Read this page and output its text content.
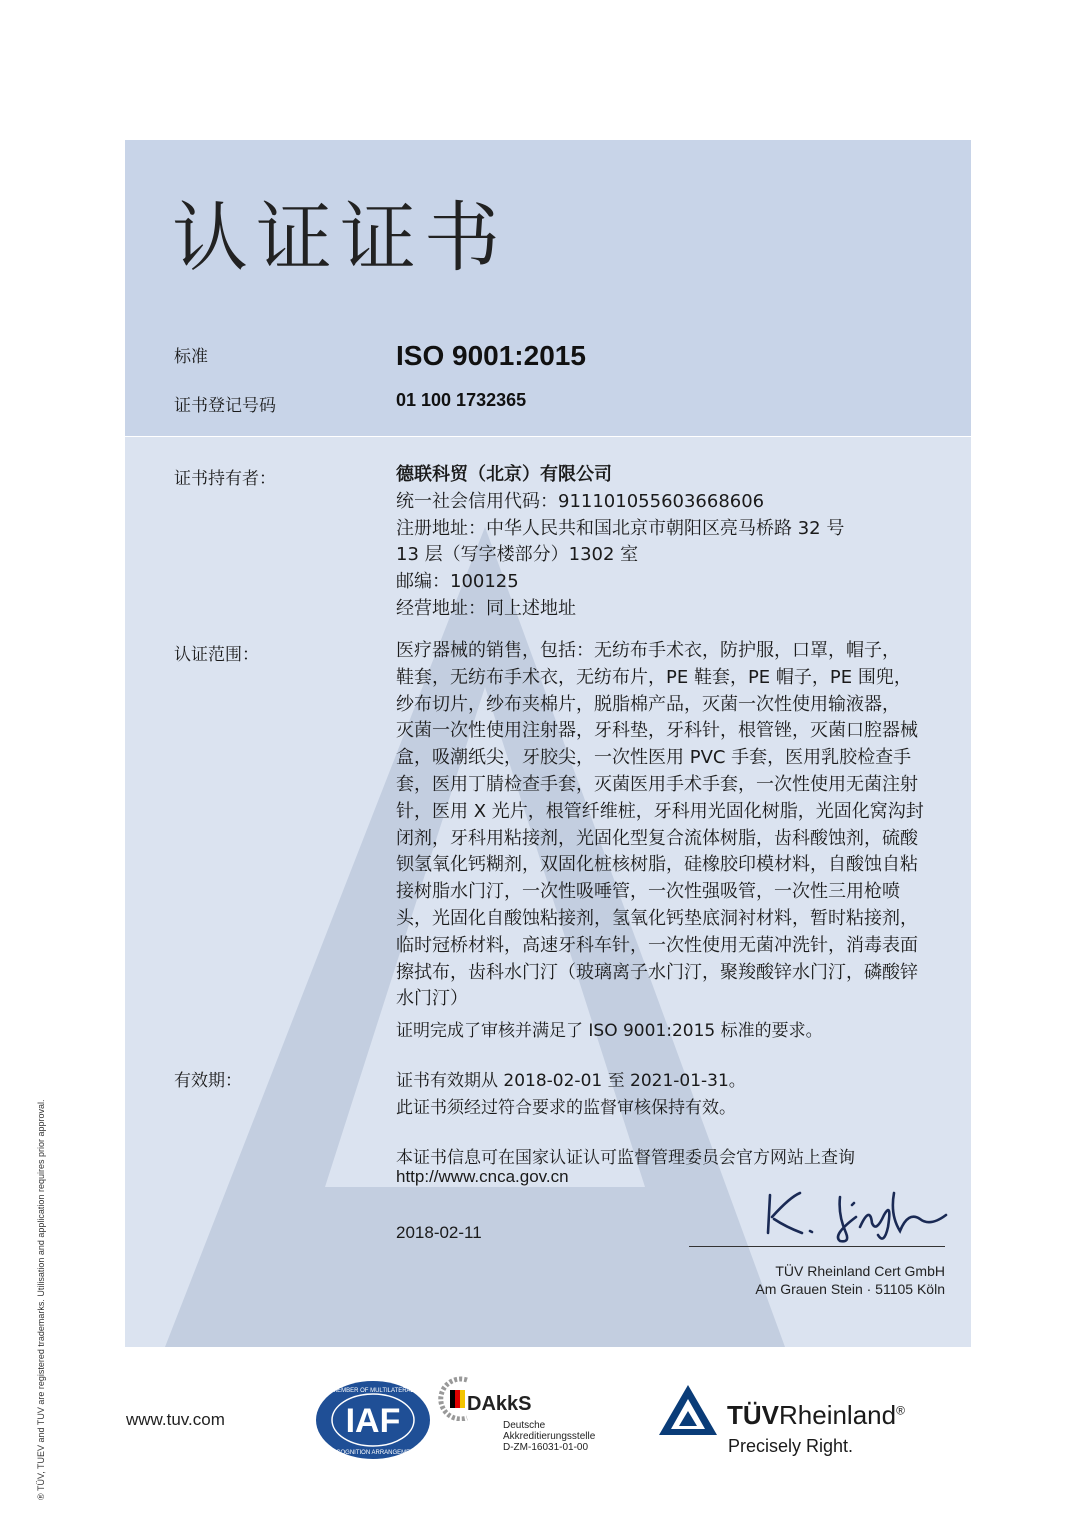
认证证书
标准	ISO 9001:2015
证书登记号码	01 100 1732365
证书持有者：	德联科贸（北京）有限公司
统一社会信用代码：911101055603668606
注册地址：中华人民共和国北京市朝阳区亮马桥路 32 号
13 层（写字楼部分）1302 室
邮编：100125
经营地址：同上述地址
认证范围：	医疗器械的销售，包括：无纺布手术衣，防护服，口罩，帽子，
鞋套，无纺布手术衣，无纺布片，PE 鞋套，PE 帽子，PE 围兜，
纱布切片，纱布夹棉片，脱脂棉产品，灭菌一次性使用输液器，
灭菌一次性使用注射器，牙科垫，牙科针，根管锉，灭菌口腔器械
盒，吸潮纸尖，牙胶尖，一次性医用 PVC 手套，医用乳胶检查手
套，医用丁腈检查手套，灭菌医用手术手套，一次性使用无菌注射
针，医用 X 光片，根管纤维桩，牙科用光固化树脂，光固化窝沟封
闭剂，牙科用粘接剂，光固化型复合流体树脂，齿科酸蚀剂，硫酸
钡氢氧化钙糊剂，双固化桩核树脂，硅橡胶印模材料，自酸蚀自粘
接树脂水门汀，一次性吸唾管，一次性强吸管，一次性三用枪喷
头，光固化自酸蚀粘接剂，氢氧化钙垫底洞衬材料，暂时粘接剂，
临时冠桥材料，高速牙科车针，一次性使用无菌冲洗针，消毒表面
擦拭布，齿科水门汀（玻璃离子水门汀，聚羧酸锌水门汀，磷酸锌
水门汀）
证明完成了审核并满足了 ISO 9001:2015 标准的要求。
有效期：	证书有效期从 2018-02-01 至 2021-01-31。
此证书须经过符合要求的监督审核保持有效。
本证书信息可在国家认证认可监督管理委员会官方网站上查询
http://www.cnca.gov.cn
2018-02-11
TÜV Rheinland Cert GmbH
Am Grauen Stein · 51105 Köln
www.tuv.com	IAF
MEMBER OF MULTILATERAL
RECOGNITION ARRANGEMENT
DAkkS
Deutsche
Akkreditierungsstelle
D-ZM-16031-01-00
TÜVRheinland®
Precisely Right.
® TÜV, TUEV and TUV are registered trademarks. Utilisation and application requires prior approval.
